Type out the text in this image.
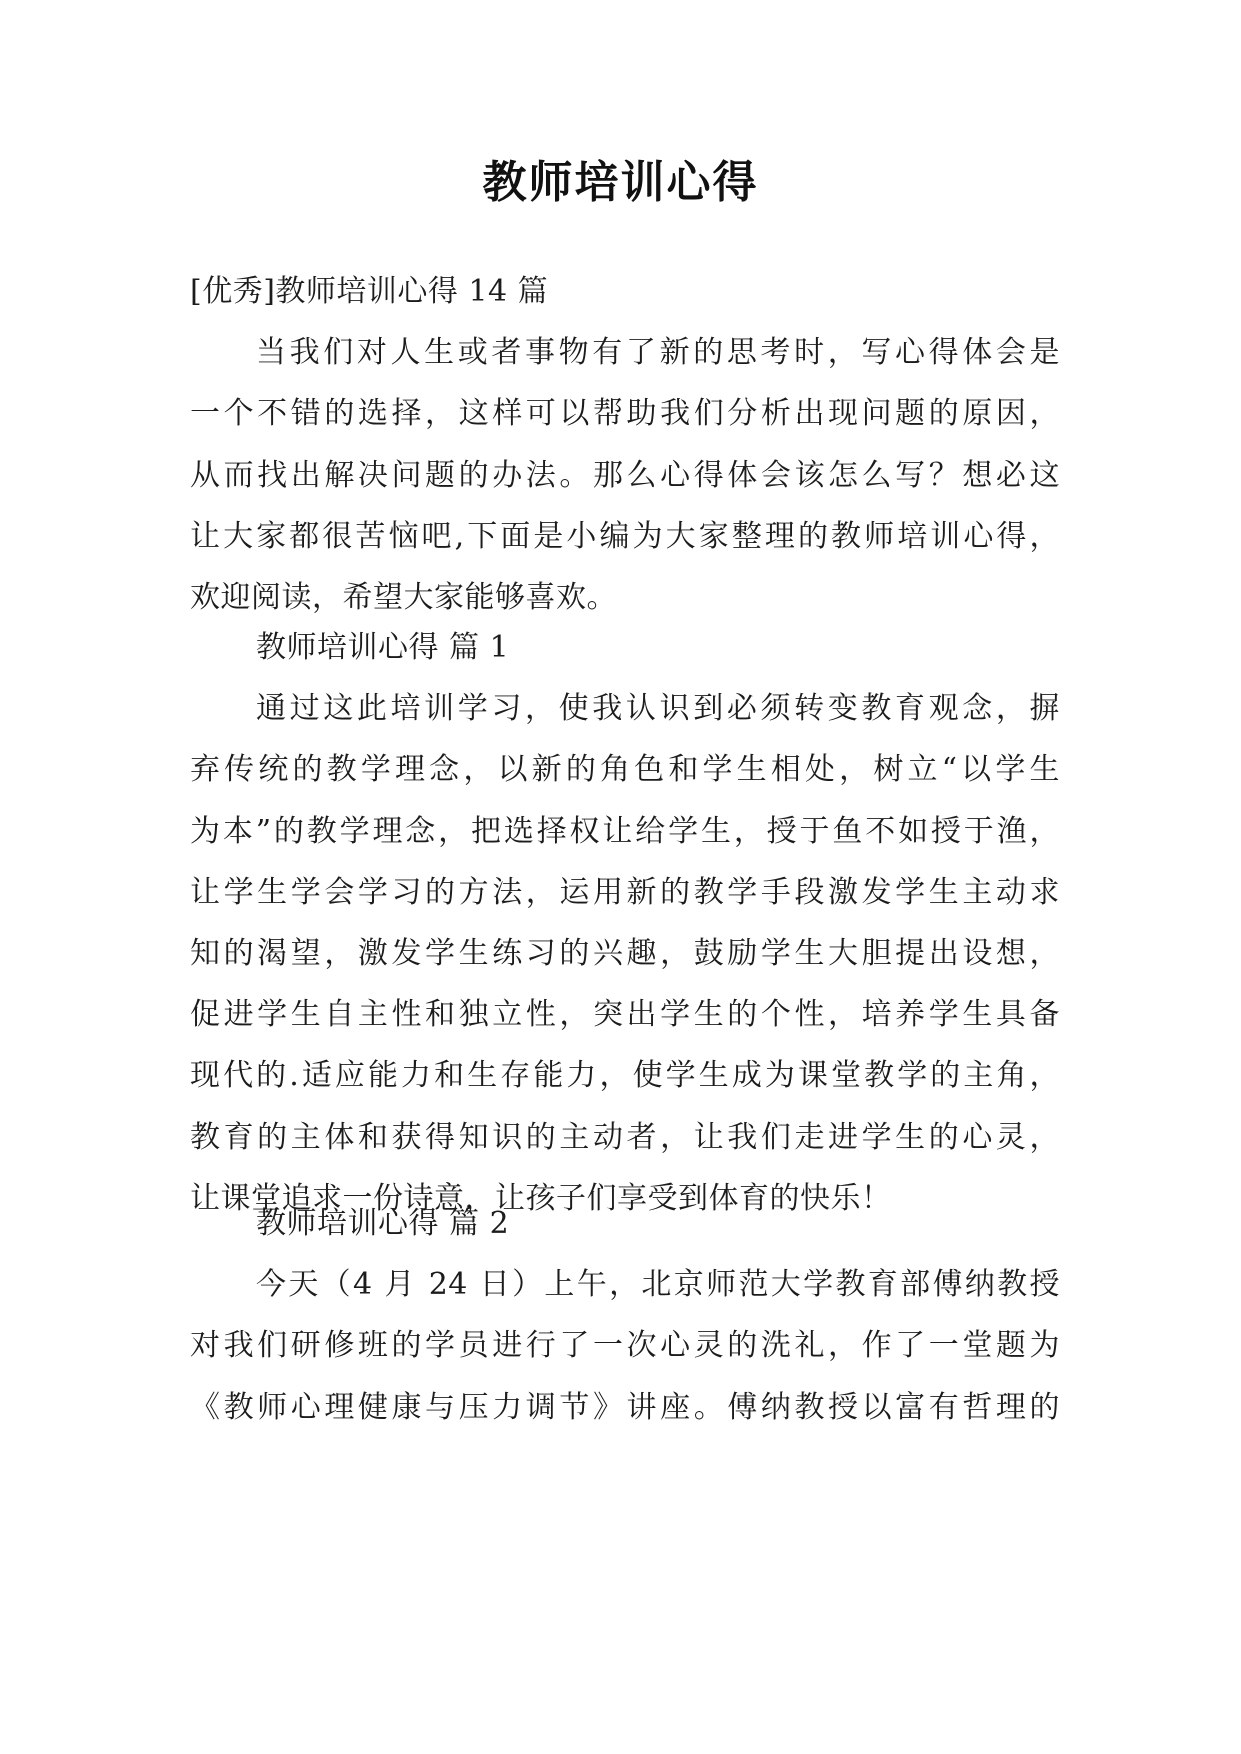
教师培训心得
[优秀]教师培训心得 14 篇
当我们对人生或者事物有了新的思考时，写心得体会是
一个不错的选择，这样可以帮助我们分析出现问题的原因，
从而找出解决问题的办法。那么心得体会该怎么写？想必这
让大家都很苦恼吧,下面是小编为大家整理的教师培训心得，
欢迎阅读，希望大家能够喜欢。
教师培训心得 篇 1
通过这此培训学习，使我认识到必须转变教育观念，摒
弃传统的教学理念，以新的角色和学生相处，树立“以学生
为本”的教学理念，把选择权让给学生，授于鱼不如授于渔，
让学生学会学习的方法，运用新的教学手段激发学生主动求
知的渴望，激发学生练习的兴趣，鼓励学生大胆提出设想，
促进学生自主性和独立性，突出学生的个性，培养学生具备
现代的.适应能力和生存能力，使学生成为课堂教学的主角，
教育的主体和获得知识的主动者，让我们走进学生的心灵，
让课堂追求一份诗意，让孩子们享受到体育的快乐！
教师培训心得 篇 2
今天（4 月 24 日）上午，北京师范大学教育部傅纳教授
对我们研修班的学员进行了一次心灵的洗礼，作了一堂题为
《教师心理健康与压力调节》讲座。傅纳教授以富有哲理的
